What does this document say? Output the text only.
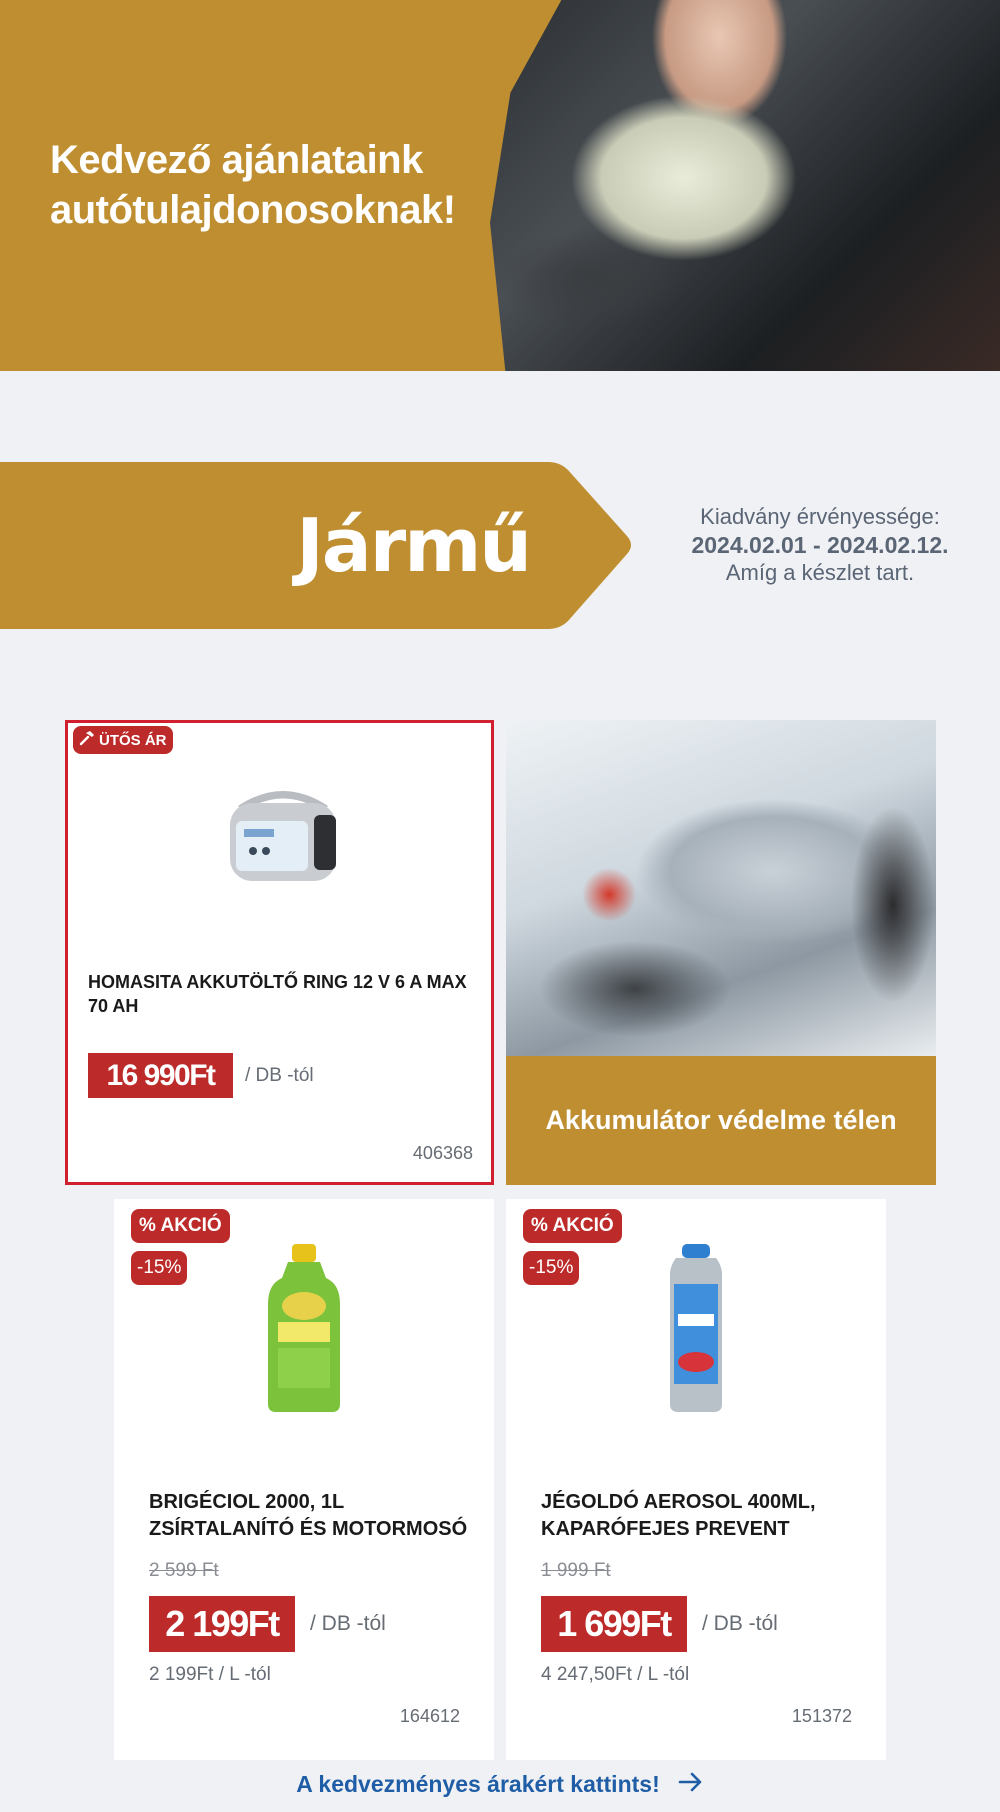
Kedvező ajánlataink autótulajdonosoknak!
Jármű	Kiadvány érvényessége:
2024.02.01 - 2024.02.12.
Amíg a készlet tart.
ÜTŐS ÁR
HOMASITA AKKUTÖLTŐ RING 12 V 6 A MAX 70 AH
16 990Ft	/ DB -tól
406368
Akkumulátor védelme télen
% AKCIÓ
-15%
BRIGÉCIOL 2000, 1L ZSÍRTALANÍTÓ ÉS MOTORMOSÓ
2 599 Ft
2 199Ft	/ DB -tól
2 199Ft / L -tól
164612
% AKCIÓ
-15%
JÉGOLDÓ AEROSOL 400ML, KAPARÓFEJES PREVENT
1 999 Ft
1 699Ft	/ DB -tól
4 247,50Ft / L -tól
151372
A kedvezményes árakért kattints!
